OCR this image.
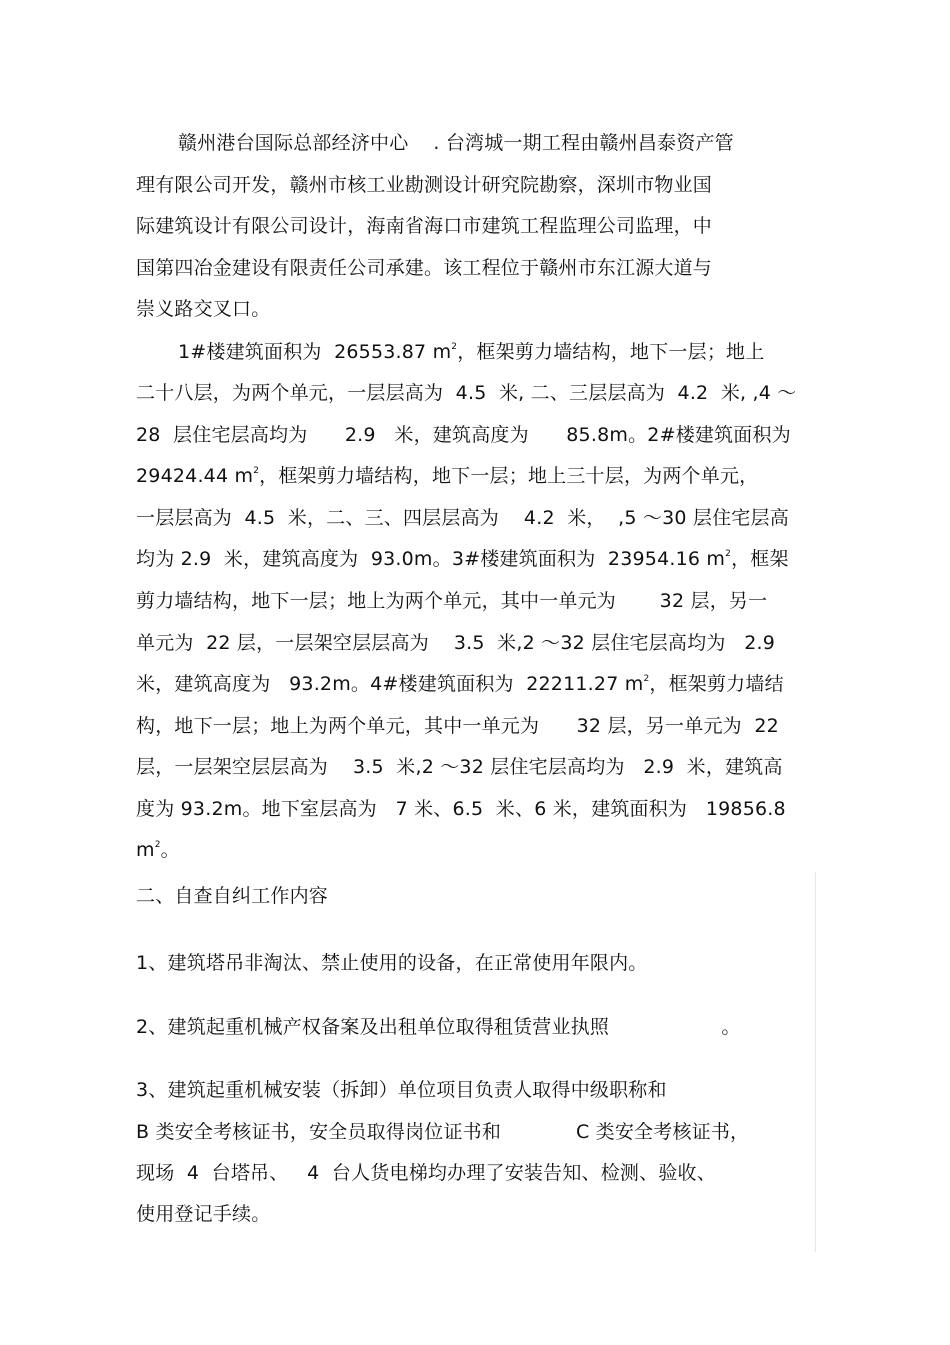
赣州港台国际总部经济中心    . 台湾城一期工程由赣州昌泰资产管
理有限公司开发，赣州市核工业勘测设计研究院勘察，深圳市物业国
际建筑设计有限公司设计，海南省海口市建筑工程监理公司监理，中
国第四冶金建设有限责任公司承建。该工程位于赣州市东江源大道与
崇义路交叉口。
1#楼建筑面积为  26553.87 $m^2$，框架剪力墙结构，地下一层；地上
二十八层，为两个单元，一层层高为  4.5  米, 二、三层层高为  4.2  米, ,4 ～
28  层住宅层高均为      2.9   米，建筑高度为      85.8m。2#楼建筑面积为
29424.44 $m^2$，框架剪力墙结构，地下一层；地上三十层，为两个单元，
一层层高为  4.5  米，二、三、四层层高为    4.2  米，  ,5 ～30 层住宅层高
均为 2.9  米，建筑高度为  93.0m。3#楼建筑面积为  23954.16 $m^2$，框架
剪力墙结构，地下一层；地上为两个单元，其中一单元为       32 层，另一
单元为  22 层，一层架空层层高为    3.5  米,2 ～32 层住宅层高均为   2.9
米，建筑高度为   93.2m。4#楼建筑面积为  22211.27 $m^2$，框架剪力墙结
构，地下一层；地上为两个单元，其中一单元为      32 层，另一单元为  22
层，一层架空层层高为    3.5  米,2 ～32 层住宅层高均为   2.9  米，建筑高
度为 93.2m。地下室层高为   7 米、6.5  米、6 米，建筑面积为   19856.8
$m^2$。
二、自查自纠工作内容
1、建筑塔吊非淘汰、禁止使用的设备，在正常使用年限内。
2、建筑起重机械产权备案及出租单位取得租赁营业执照                  。
3、建筑起重机械安装（拆卸）单位项目负责人取得中级职称和
B 类安全考核证书，安全员取得岗位证书和            C 类安全考核证书，
现场  4  台塔吊、   4  台人货电梯均办理了安装告知、检测、验收、
使用登记手续。
